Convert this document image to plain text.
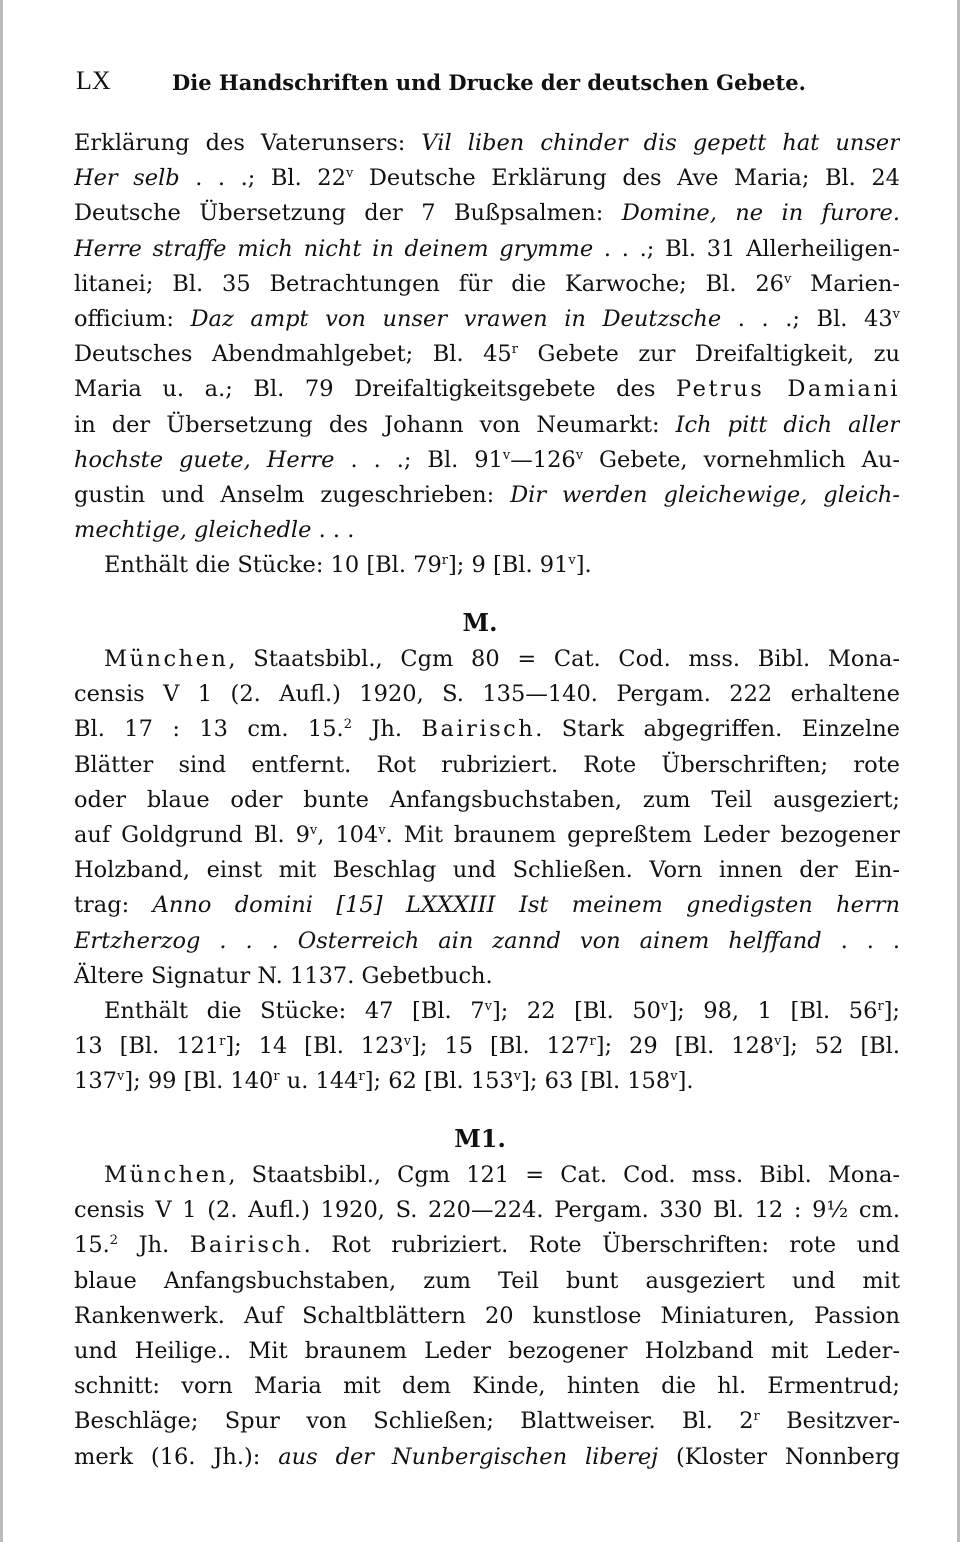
LX	Die Handschriften und Drucke der deutschen Gebete.
Erklärung des Vaterunsers: Vil liben chinder dis gepett hat unser
Her selb . . .; Bl. 22$^v$ Deutsche Erklärung des Ave Maria; Bl. 24
Deutsche Übersetzung der 7 Bußpsalmen: Domine, ne in furore.
Herre straffe mich nicht in deinem grymme . . .; Bl. 31 Allerheiligen-
litanei; Bl. 35 Betrachtungen für die Karwoche; Bl. 26$^v$ Marien-
officium: Daz ampt von unser vrawen in Deutzsche . . .; Bl. 43$^v$
Deutsches Abendmahlgebet; Bl. 45$^r$ Gebete zur Dreifaltigkeit, zu
Maria u. a.; Bl. 79 Dreifaltigkeitsgebete des Petrus Damiani
in der Übersetzung des Johann von Neumarkt: Ich pitt dich aller
hochste guete, Herre . . .; Bl. 91$^v$—126$^v$ Gebete, vornehmlich Au-
gustin und Anselm zugeschrieben: Dir werden gleichewige, gleich-
mechtige, gleichedle . . .
Enthält die Stücke: 10 [Bl. 79$^r$]; 9 [Bl. 91$^v$].
M.
München, Staatsbibl., Cgm 80 = Cat. Cod. mss. Bibl. Mona-
censis V 1 (2. Aufl.) 1920, S. 135—140. Pergam. 222 erhaltene
Bl. 17 : 13 cm. 15.$^2$ Jh. Bairisch. Stark abgegriffen. Einzelne
Blätter sind entfernt. Rot rubriziert. Rote Überschriften; rote
oder blaue oder bunte Anfangsbuchstaben, zum Teil ausgeziert;
auf Goldgrund Bl. 9$^v$, 104$^v$. Mit braunem gepreßtem Leder bezogener
Holzband, einst mit Beschlag und Schließen. Vorn innen der Ein-
trag: Anno domini [15] LXXXIII Ist meinem gnedigsten herrn
Ertzherzog . . . Osterreich ain zannd von ainem helffand . . .
Ältere Signatur N. 1137. Gebetbuch.
Enthält die Stücke: 47 [Bl. 7$^v$]; 22 [Bl. 50$^v$]; 98, 1 [Bl. 56$^r$];
13 [Bl. 121$^r$]; 14 [Bl. 123$^v$]; 15 [Bl. 127$^r$]; 29 [Bl. 128$^v$]; 52 [Bl.
137$^v$]; 99 [Bl. 140$^r$ u. 144$^r$]; 62 [Bl. 153$^v$]; 63 [Bl. 158$^v$].
M1.
München, Staatsbibl., Cgm 121 = Cat. Cod. mss. Bibl. Mona-
censis V 1 (2. Aufl.) 1920, S. 220—224. Pergam. 330 Bl. 12 : 9½ cm.
15.$^2$ Jh. Bairisch. Rot rubriziert. Rote Überschriften: rote und
blaue Anfangsbuchstaben, zum Teil bunt ausgeziert und mit
Rankenwerk. Auf Schaltblättern 20 kunstlose Miniaturen, Passion
und Heilige.. Mit braunem Leder bezogener Holzband mit Leder-
schnitt: vorn Maria mit dem Kinde, hinten die hl. Ermentrud;
Beschläge; Spur von Schließen; Blattweiser. Bl. 2$^r$ Besitzver-
merk (16. Jh.): aus der Nunbergischen liberej (Kloster Nonnberg
